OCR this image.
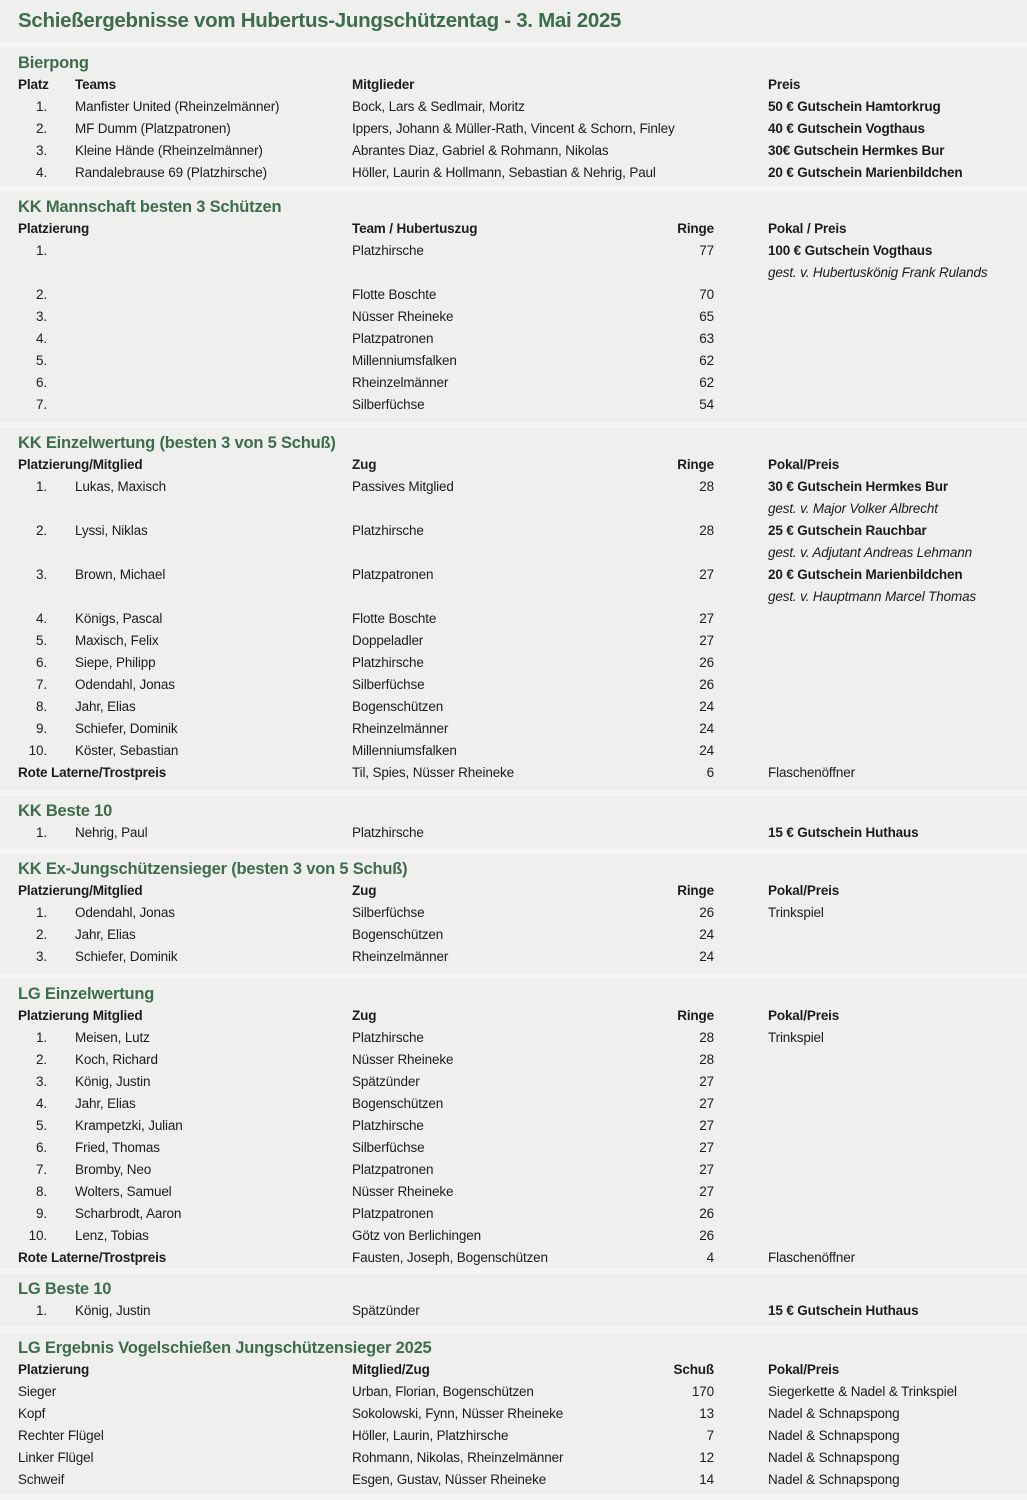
Schießergebnisse vom Hubertus-Jungschützentag - 3. Mai 2025
Bierpong
Platz	Teams	Mitglieder	Preis
1.	Manfister United (Rheinzelmänner)	Bock, Lars & Sedlmair, Moritz	50 € Gutschein Hamtorkrug
2.	MF Dumm (Platzpatronen)	Ippers, Johann & Müller-Rath, Vincent & Schorn, Finley	40 € Gutschein Vogthaus
3.	Kleine Hände (Rheinzelmänner)	Abrantes Diaz, Gabriel & Rohmann, Nikolas	30€ Gutschein Hermkes Bur
4.	Randalebrause 69 (Platzhirsche)	Höller, Laurin & Hollmann, Sebastian & Nehrig, Paul	20 € Gutschein Marienbildchen
KK Mannschaft besten 3 Schützen
Platzierung	Team / Hubertuszug	Ringe	Pokal / Preis
1.	Platzhirsche	77	100 € Gutschein Vogthaus
gest. v. Hubertuskönig Frank Rulands
2.	Flotte Boschte	70
3.	Nüsser Rheineke	65
4.	Platzpatronen	63
5.	Millenniumsfalken	62
6.	Rheinzelmänner	62
7.	Silberfüchse	54
KK Einzelwertung (besten 3 von 5 Schuß)
Platzierung/Mitglied	Zug	Ringe	Pokal/Preis
1.	Lukas, Maxisch	Passives Mitglied	28	30 € Gutschein Hermkes Bur
gest. v. Major Volker Albrecht
2.	Lyssi, Niklas	Platzhirsche	28	25 € Gutschein Rauchbar
gest. v. Adjutant Andreas Lehmann
3.	Brown, Michael	Platzpatronen	27	20 € Gutschein Marienbildchen
gest. v. Hauptmann Marcel Thomas
4.	Königs, Pascal	Flotte Boschte	27
5.	Maxisch, Felix	Doppeladler	27
6.	Siepe, Philipp	Platzhirsche	26
7.	Odendahl, Jonas	Silberfüchse	26
8.	Jahr, Elias	Bogenschützen	24
9.	Schiefer, Dominik	Rheinzelmänner	24
10.	Köster, Sebastian	Millenniumsfalken	24
Rote Laterne/Trostpreis	Til, Spies, Nüsser Rheineke	6	Flaschenöffner
KK Beste 10
1.	Nehrig, Paul	Platzhirsche	15 € Gutschein Huthaus
KK Ex-Jungschützensieger (besten 3 von 5 Schuß)
Platzierung/Mitglied	Zug	Ringe	Pokal/Preis
1.	Odendahl, Jonas	Silberfüchse	26	Trinkspiel
2.	Jahr, Elias	Bogenschützen	24
3.	Schiefer, Dominik	Rheinzelmänner	24
LG Einzelwertung
Platzierung Mitglied	Zug	Ringe	Pokal/Preis
1.	Meisen, Lutz	Platzhirsche	28	Trinkspiel
2.	Koch, Richard	Nüsser Rheineke	28
3.	König, Justin	Spätzünder	27
4.	Jahr, Elias	Bogenschützen	27
5.	Krampetzki, Julian	Platzhirsche	27
6.	Fried, Thomas	Silberfüchse	27
7.	Bromby, Neo	Platzpatronen	27
8.	Wolters, Samuel	Nüsser Rheineke	27
9.	Scharbrodt, Aaron	Platzpatronen	26
10.	Lenz, Tobias	Götz von Berlichingen	26
Rote Laterne/Trostpreis	Fausten, Joseph, Bogenschützen	4	Flaschenöffner
LG Beste 10
1.	König, Justin	Spätzünder	15 € Gutschein Huthaus
LG Ergebnis Vogelschießen Jungschützensieger 2025
Platzierung	Mitglied/Zug	Schuß	Pokal/Preis
Sieger	Urban, Florian, Bogenschützen	170	Siegerkette & Nadel & Trinkspiel
Kopf	Sokolowski, Fynn, Nüsser Rheineke	13	Nadel & Schnapspong
Rechter Flügel	Höller, Laurin, Platzhirsche	7	Nadel & Schnapspong
Linker Flügel	Rohmann, Nikolas, Rheinzelmänner	12	Nadel & Schnapspong
Schweif	Esgen, Gustav, Nüsser Rheineke	14	Nadel & Schnapspong
